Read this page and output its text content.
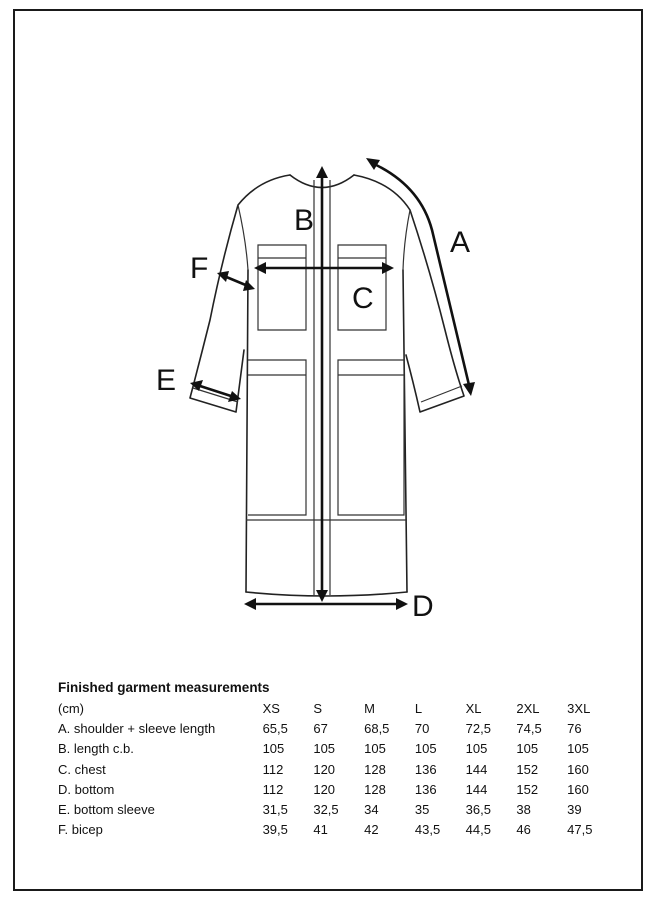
A
B
C
D
E
F
Finished garment measurements
(cm)	XS	S	M	L	XL	2XL	3XL
A. shoulder + sleeve length	65,5	67	68,5	70	72,5	74,5	76
B. length c.b.	105	105	105	105	105	105	105
C. chest	112	120	128	136	144	152	160
D. bottom	112	120	128	136	144	152	160
E. bottom sleeve	31,5	32,5	34	35	36,5	38	39
F. bicep	39,5	41	42	43,5	44,5	46	47,5
